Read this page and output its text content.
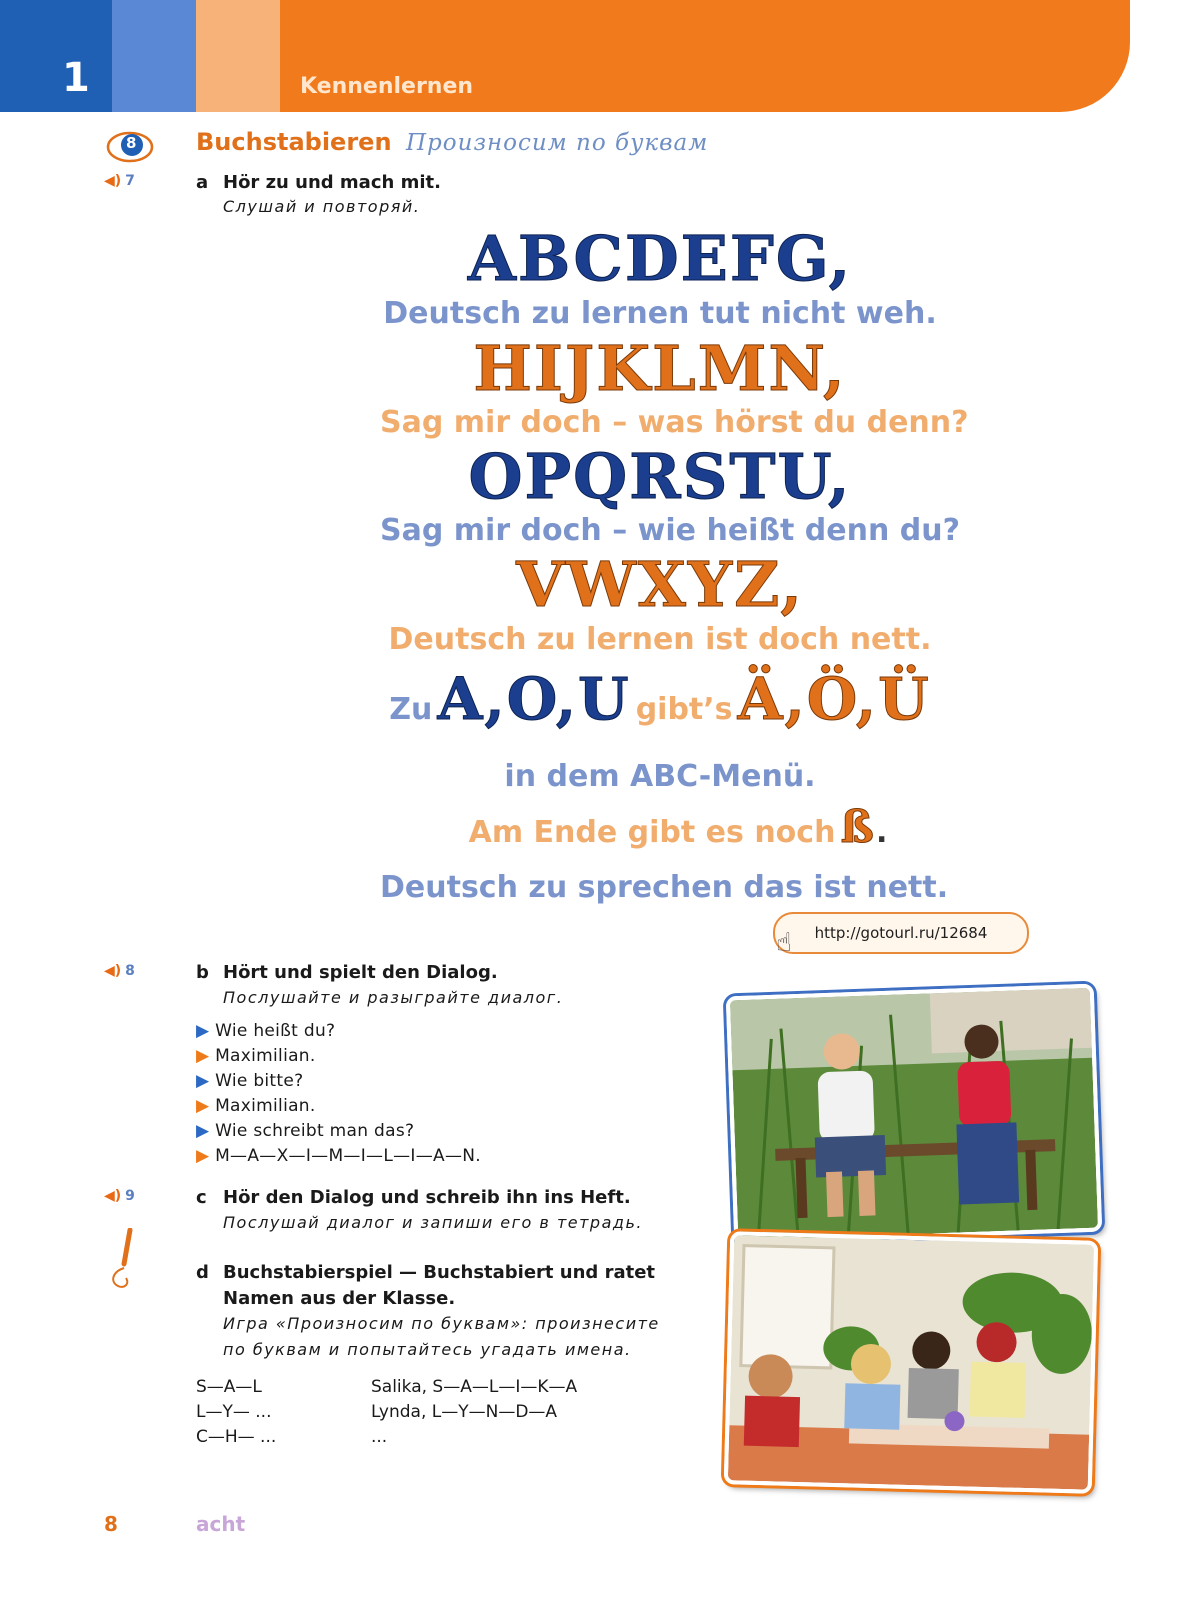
1	Kennenlernen
8 Buchstabieren Произносим по буквам
◀︎) 7	a Hör zu und mach mit.
Слушай и повторяй.
ABCDEFG,
Deutsch zu lernen tut nicht weh.
HIJKLMN,
Sag mir doch – was hörst du denn?
OPQRSTU,
Sag mir doch – wie heißt denn du?
VWXYZ,
Deutsch zu lernen ist doch nett.
Zu A,O,U gibt’s Ä,Ö,Ü
in dem ABC-Menü.
Am Ende gibt es noch ß.
Deutsch zu sprechen das ist nett.
http://gotourl.ru/12684
☝
◀︎) 8	b Hört und spielt den Dialog.
Послушайте и разыграйте диалог.
▶ Wie heißt du?
▶ Maximilian.
▶ Wie bitte?
▶ Maximilian.
▶ Wie schreibt man das?
▶ M—A—X—I—M—I—L—I—A—N.
◀︎) 9	c Hör den Dialog und schreib ihn ins Heft.
Послушай диалог и запиши его в тетрадь.
d Buchstabierspiel — Buchstabiert und ratet
Namen aus der Klasse.
Игра «Произносим по буквам»: произнесите
по буквам и попытайтесь угадать имена.
S—A—L	Salika, S—A—L—I—K—A
L—Y— ...	Lynda, L—Y—N—D—A
C—H— ...	...
8	acht
